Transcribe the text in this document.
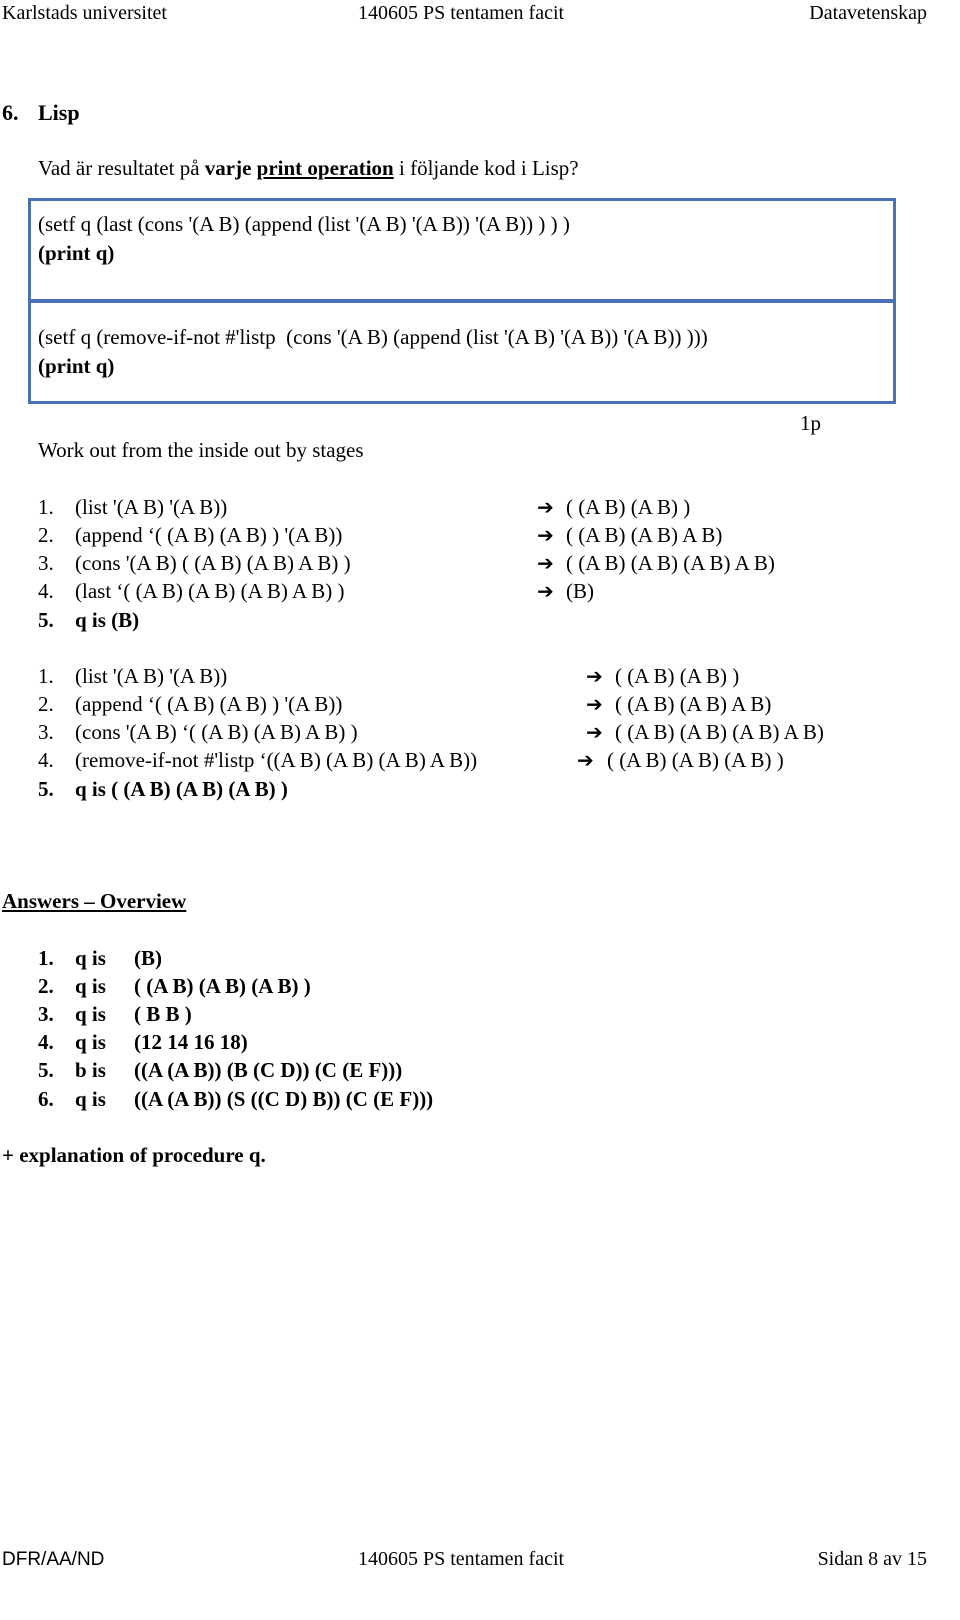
Karlstads universitet	140605 PS tentamen facit	Datavetenskap
6. Lisp
Vad är resultatet på varje print operation i följande kod i Lisp?
(setf q (last (cons '(A B) (append (list '(A B) '(A B)) '(A B)) ) ) )
(print q)
(setf q (remove-if-not #'listp  (cons '(A B) (append (list '(A B) '(A B)) '(A B)) )))
(print q)
1p
Work out from the inside out by stages
1. (list '(A B) '(A B))	➔ ( (A B) (A B) )
2. (append ‘( (A B) (A B) ) '(A B))	➔ ( (A B) (A B) A B)
3. (cons '(A B) ( (A B) (A B) A B) )	➔ ( (A B) (A B) (A B) A B)
4. (last ‘( (A B) (A B) (A B) A B) )	➔ (B)
5. q is (B)
1. (list '(A B) '(A B))	➔ ( (A B) (A B) )
2. (append ‘( (A B) (A B) ) '(A B))	➔ ( (A B) (A B) A B)
3. (cons '(A B) ‘( (A B) (A B) A B) )	➔ ( (A B) (A B) (A B) A B)
4. (remove-if-not #'listp ‘((A B) (A B) (A B) A B))	➔ ( (A B) (A B) (A B) )
5. q is ( (A B) (A B) (A B) )
Answers – Overview
1. q is (B)
2. q is ( (A B) (A B) (A B) )
3. q is ( B B )
4. q is (12 14 16 18)
5. b is ((A (A B)) (B (C D)) (C (E F)))
6. q is ((A (A B)) (S ((C D) B)) (C (E F)))
+ explanation of procedure q.
DFR/AA/ND	140605 PS tentamen facit	Sidan 8 av 15
